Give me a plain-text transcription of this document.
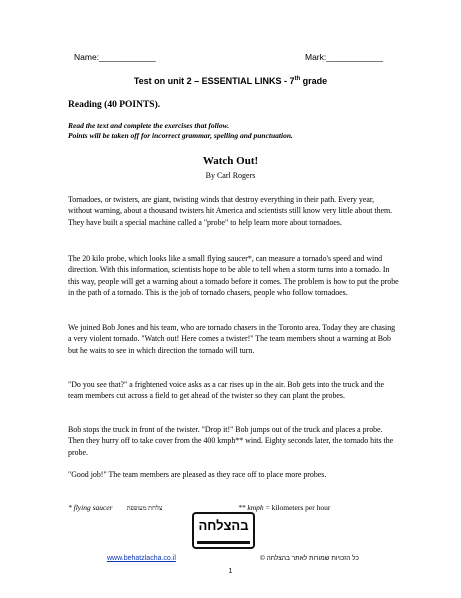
Name:____________	Mark:____________
Test on unit 2 – ESSENTIAL LINKS - 7th grade
Reading (40 POINTS).
Read the text and complete the exercises that follow.
Points will be taken off for incorrect grammar, spelling and punctuation.
Watch Out!
By Carl Rogers

Tornadoes, or twisters, are giant, twisting winds that destroy everything in their path. Every year, without warning, about a thousand twisters hit America and scientists still know very little about them. They have built a special machine called a "probe" to help learn more about tornadoes.

The 20 kilo probe, which looks like a small flying saucer*, can measure a tornado's speed and wind direction. With this information, scientists hope to be able to tell when a storm turns into a tornado. In this way, people will get a warning about a tornado before it comes. The problem is how to put the probe in the path of a tornado. This is the job of tornado chasers, people who follow tornadoes.

We joined Bob Jones and his team, who are tornado chasers in the Toronto area. Today they are chasing a very violent tornado. "Watch out! Here comes a twister!" The team members shout a warning at Bob but he waits to see in which direction the tornado will turn.

"Do you see that?" a frightened voice asks as a car rises up in the air. Bob gets into the truck and the team members cut across a field to get ahead of the twister so they can plant the probes.

Bob stops the truck in front of the twister. "Drop it!" Bob jumps out of the truck and places a probe. Then they hurry off to take cover from the 400 kmph** wind. Eighty seconds later, the tornado hits the probe.

"Good job!" The team members are pleased as they race off to place more probes.

* flying saucer צלחת מעופפת	** kmph = kilometers per hour
בהצלחה
www.behatzlacha.co.il	כל הזכויות שמורות לאתר בהצלחה ©
1
